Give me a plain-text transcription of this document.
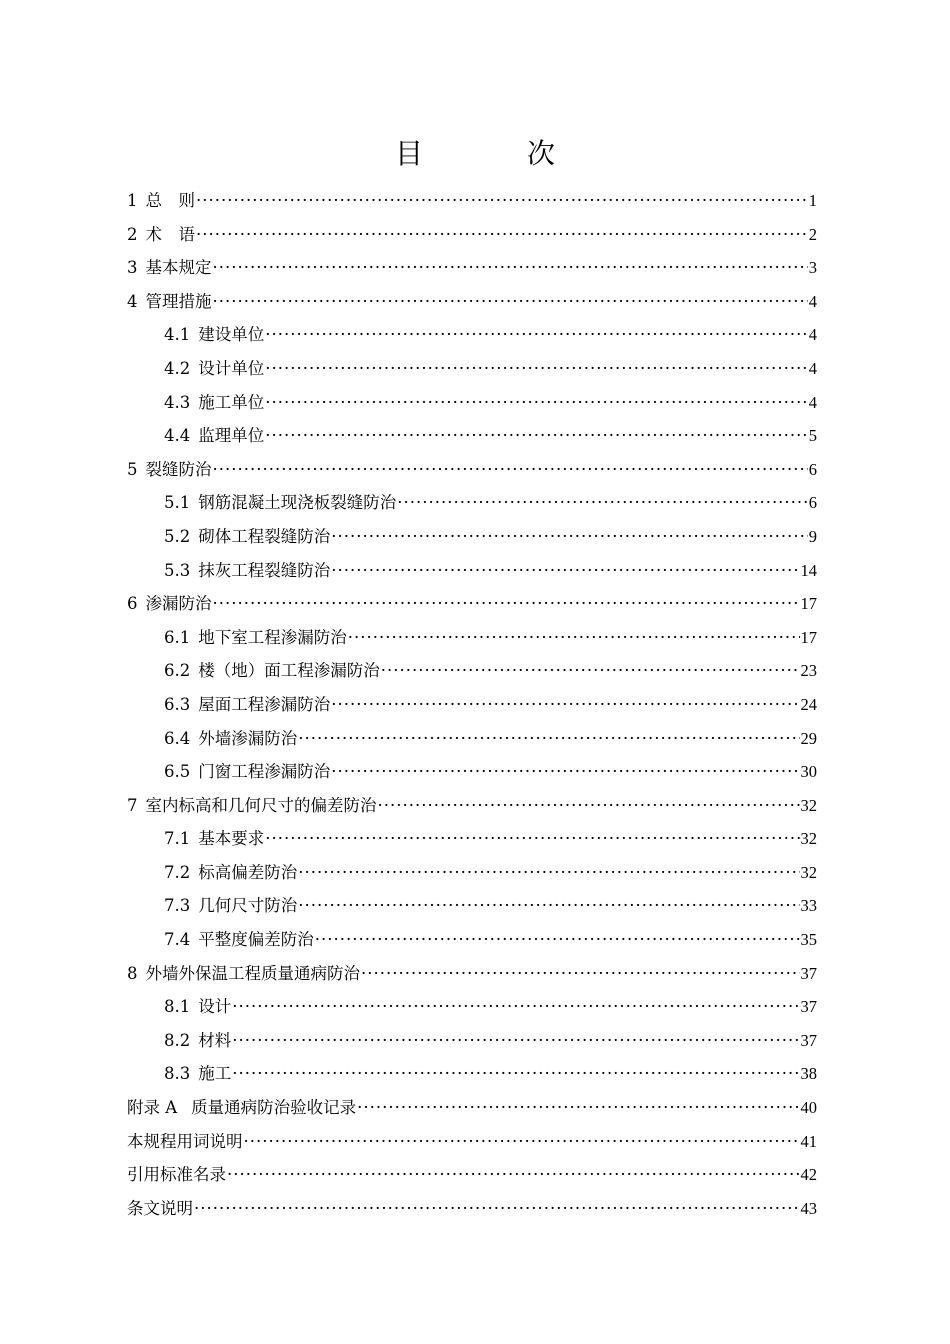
目　次
1 总　则 ·····	1
2 术　语 ·····	2
3 基本规定 ·····	3
4 管理措施 ·····	4
4.1 建设单位 ·····	4
4.2 设计单位 ·····	4
4.3 施工单位 ·····	4
4.4 监理单位 ·····	5
5 裂缝防治 ·····	6
5.1 钢筋混凝土现浇板裂缝防治 ·····	6
5.2 砌体工程裂缝防治 ·····	9
5.3 抹灰工程裂缝防治 ·····	14
6 渗漏防治 ·····	17
6.1 地下室工程渗漏防治 ·····	17
6.2 楼（地）面工程渗漏防治 ·····	23
6.3 屋面工程渗漏防治 ·····	24
6.4 外墙渗漏防治 ·····	29
6.5 门窗工程渗漏防治 ·····	30
7 室内标高和几何尺寸的偏差防治 ·····	32
7.1 基本要求 ·····	32
7.2 标高偏差防治 ·····	32
7.3 几何尺寸防治 ·····	33
7.4 平整度偏差防治 ·····	35
8 外墙外保温工程质量通病防治 ·····	37
8.1 设计 ·····	37
8.2 材料 ·····	37
8.3 施工 ·····	38
附录 A 质量通病防治验收记录 ·····	40
本规程用词说明 ·····	41
引用标准名录 ·····	42
条文说明 ·····	43
